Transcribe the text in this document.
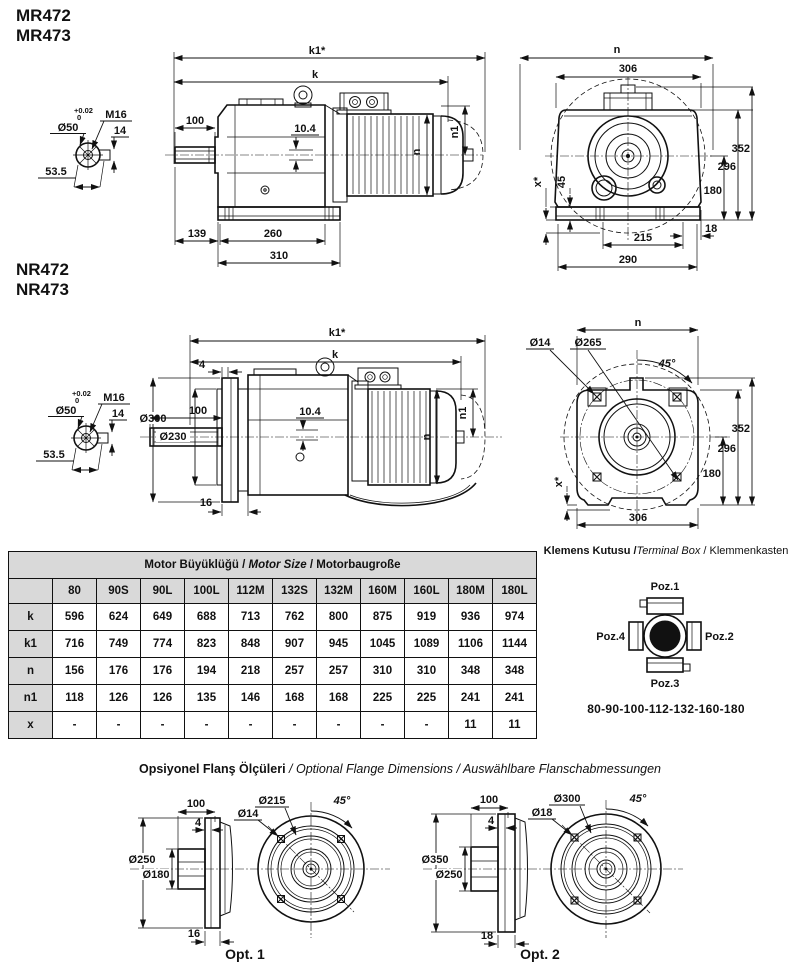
MR472
MR473
NR472
NR473
+0.02
0
Ø50
M16
14
53.5
k1*
k
100
10.4
n
n1
139	260
310
n
306
352
296
180
45
x*
18
215
290
+0.02
0
Ø50
M16
14
53.5
k1*
k
4
Ø300
Ø230
100	10.4
n
n1
16
n
Ø14 Ø265
45°
352
296
180
x*
306
Motor Büyüklüğü / Motor Size / Motorbaugroße											
	80	90S	90L	100L	112M	132S	132M	160M	160L	180M	180L
k	596	624	649	688	713	762	800	875	919	936	974
k1	716	749	774	823	848	907	945	1045	1089	1106	1144
n	156	176	176	194	218	257	257	310	310	348	348
n1	118	126	126	135	146	168	168	225	225	241	241
x	-	-	-	-	-	-	-	-	-	11	11
Klemens Kutusu /Terminal Box / Klemmenkasten
Poz.1
Poz.2
Poz.3
Poz.4
80-90-100-112-132-160-180
Opsiyonel Flanş Ölçüleri / Optional Flange Dimensions / Auswählbare Flanschabmessungen
100
4
Ø250
Ø180
16
Ø215
Ø14
45°	100
4
Ø350
Ø250
18
Ø300
Ø18
45°
Opt. 1	Opt. 2
